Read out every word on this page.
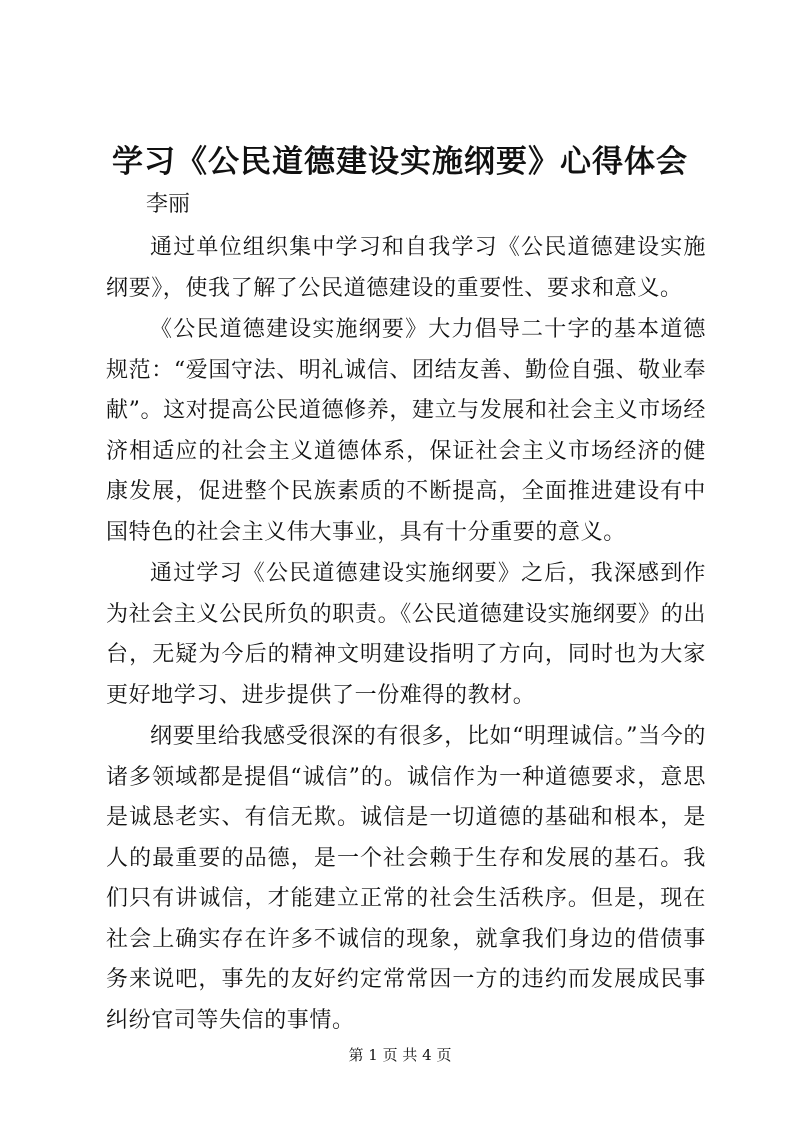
学习《公民道德建设实施纲要》心得体会
李丽

通过单位组织集中学习和自我学习《公民道德建设实施纲要》，使我了解了公民道德建设的重要性、要求和意义。

《公民道德建设实施纲要》大力倡导二十字的基本道德规范：“爱国守法、明礼诚信、团结友善、勤俭自强、敬业奉献”。这对提高公民道德修养，建立与发展和社会主义市场经济相适应的社会主义道德体系，保证社会主义市场经济的健康发展，促进整个民族素质的不断提高，全面推进建设有中国特色的社会主义伟大事业，具有十分重要的意义。

通过学习《公民道德建设实施纲要》之后，我深感到作为社会主义公民所负的职责。《公民道德建设实施纲要》的出台，无疑为今后的精神文明建设指明了方向，同时也为大家更好地学习、进步提供了一份难得的教材。

纲要里给我感受很深的有很多，比如“明理诚信。”当今的诸多领域都是提倡“诚信”的。诚信作为一种道德要求，意思是诚恳老实、有信无欺。诚信是一切道德的基础和根本，是人的最重要的品德，是一个社会赖于生存和发展的基石。我们只有讲诚信，才能建立正常的社会生活秩序。但是，现在社会上确实存在许多不诚信的现象，就拿我们身边的借债事务来说吧，事先的友好约定常常因一方的违约而发展成民事纠纷官司等失信的事情。

第 1 页 共 4 页
